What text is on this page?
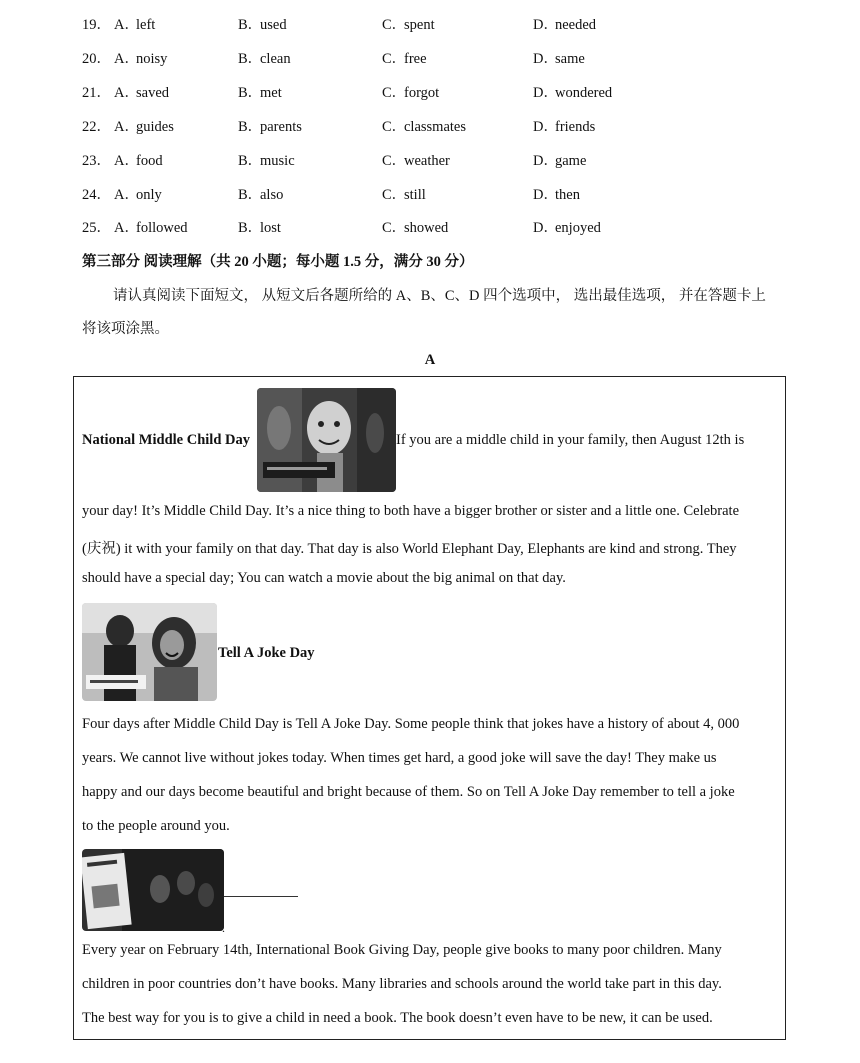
19． A．left	B．used	C．spent	D．needed
20． A．noisy	B．clean	C．free	D．same
21． A．saved	B．met	C．forgot	D．wondered
22． A．guides	B．parents	C．classmates	D．friends
23． A．food	B．music	C．weather	D．game
24． A．only	B．also	C．still	D．then
25． A．followed	B．lost	C．showed	D．enjoyed
第三部分 阅读理解（共 20 小题；每小题 1.5 分，满分 30 分）
请认真阅读下面短文， 从短文后各题所给的 A、B、C、D 四个选项中， 选出最佳选项， 并在答题卡上
将该项涂黑。
A
National Middle Child Day	If you are a middle child in your family, then August 12th is
your day! It’s Middle Child Day. It’s a nice thing to both have a bigger brother or sister and a little one. Celebrate
(庆祝) it with your family on that day. That day is also World Elephant Day, Elephants are kind and strong. They
should have a special day; You can watch a movie about the big animal on that day.
Tell A Joke Day
Four days after Middle Child Day is Tell A Joke Day. Some people think that jokes have a history of about 4, 000
years. We cannot live without jokes today. When times get hard, a good joke will save the day! They make us
happy and our days become beautiful and bright because of them. So on Tell A Joke Day remember to tell a joke
to the people around you.
.
Every year on February 14th, International Book Giving Day, people give books to many poor children. Many
children in poor countries don’t have books. Many libraries and schools around the world take part in this day.
The best way for you is to give a child in need a book. The book doesn’t even have to be new, it can be used.
